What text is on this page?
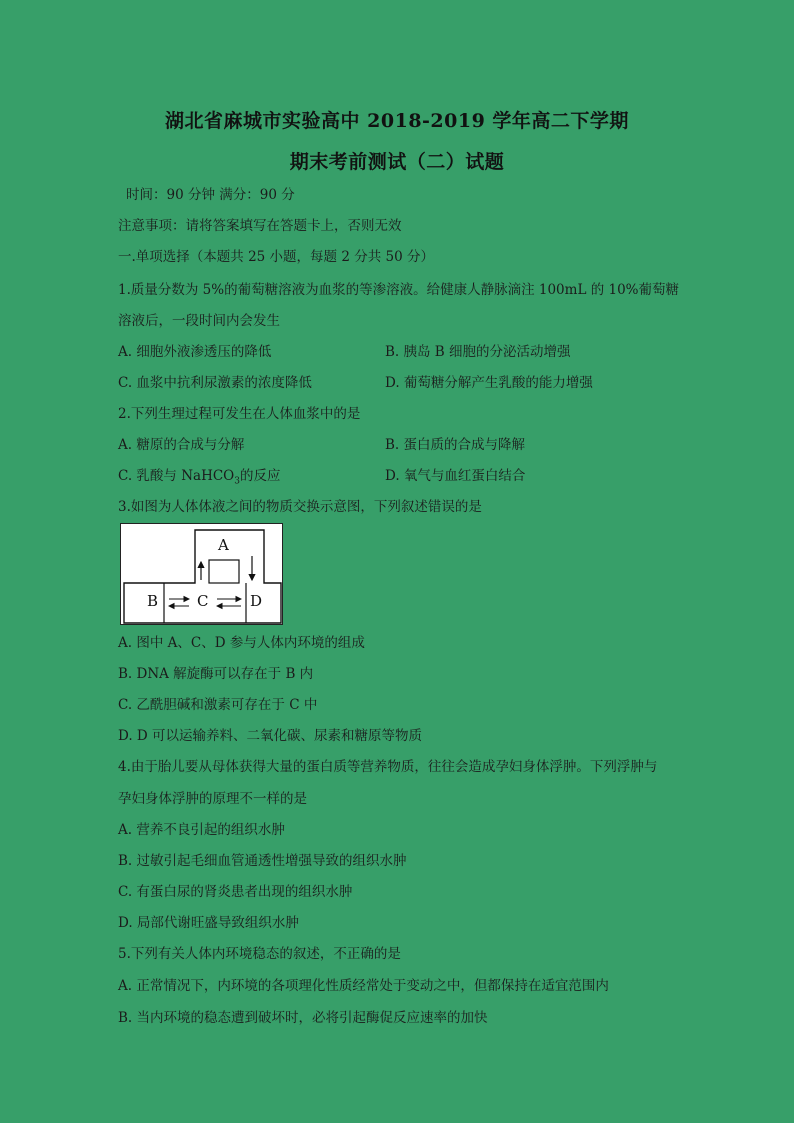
湖北省麻城市实验高中 2018-2019 学年高二下学期
期末考前测试（二）试题
时间：90 分钟 满分：90 分
注意事项：请将答案填写在答题卡上，否则无效
一.单项选择（本题共 25 小题，每题 2 分共 50 分）
1.质量分数为 5%的葡萄糖溶液为血浆的等渗溶液。给健康人静脉滴注 100mL 的 10%葡萄糖
溶液后，一段时间内会发生
A. 细胞外液渗透压的降低	B. 胰岛 B 细胞的分泌活动增强
C. 血浆中抗利尿激素的浓度降低	D. 葡萄糖分解产生乳酸的能力增强
2.下列生理过程可发生在人体血浆中的是
A. 糖原的合成与分解	B. 蛋白质的合成与降解
C. 乳酸与 NaHCO$_3$的反应	D. 氧气与血红蛋白结合
3.如图为人体体液之间的物质交换示意图，下列叙述错误的是
A
B	C	D
A. 图中 A、C、D 参与人体内环境的组成
B. DNA 解旋酶可以存在于 B 内
C. 乙酰胆碱和激素可存在于 C 中
D. D 可以运输养料、二氧化碳、尿素和糖原等物质
4.由于胎儿要从母体获得大量的蛋白质等营养物质，往往会造成孕妇身体浮肿。下列浮肿与
孕妇身体浮肿的原理不一样的是
A. 营养不良引起的组织水肿
B. 过敏引起毛细血管通透性增强导致的组织水肿
C. 有蛋白尿的肾炎患者出现的组织水肿
D. 局部代谢旺盛导致组织水肿
5.下列有关人体内环境稳态的叙述，不正确的是
A. 正常情况下，内环境的各项理化性质经常处于变动之中，但都保持在适宜范围内
B. 当内环境的稳态遭到破坏时，必将引起酶促反应速率的加快
